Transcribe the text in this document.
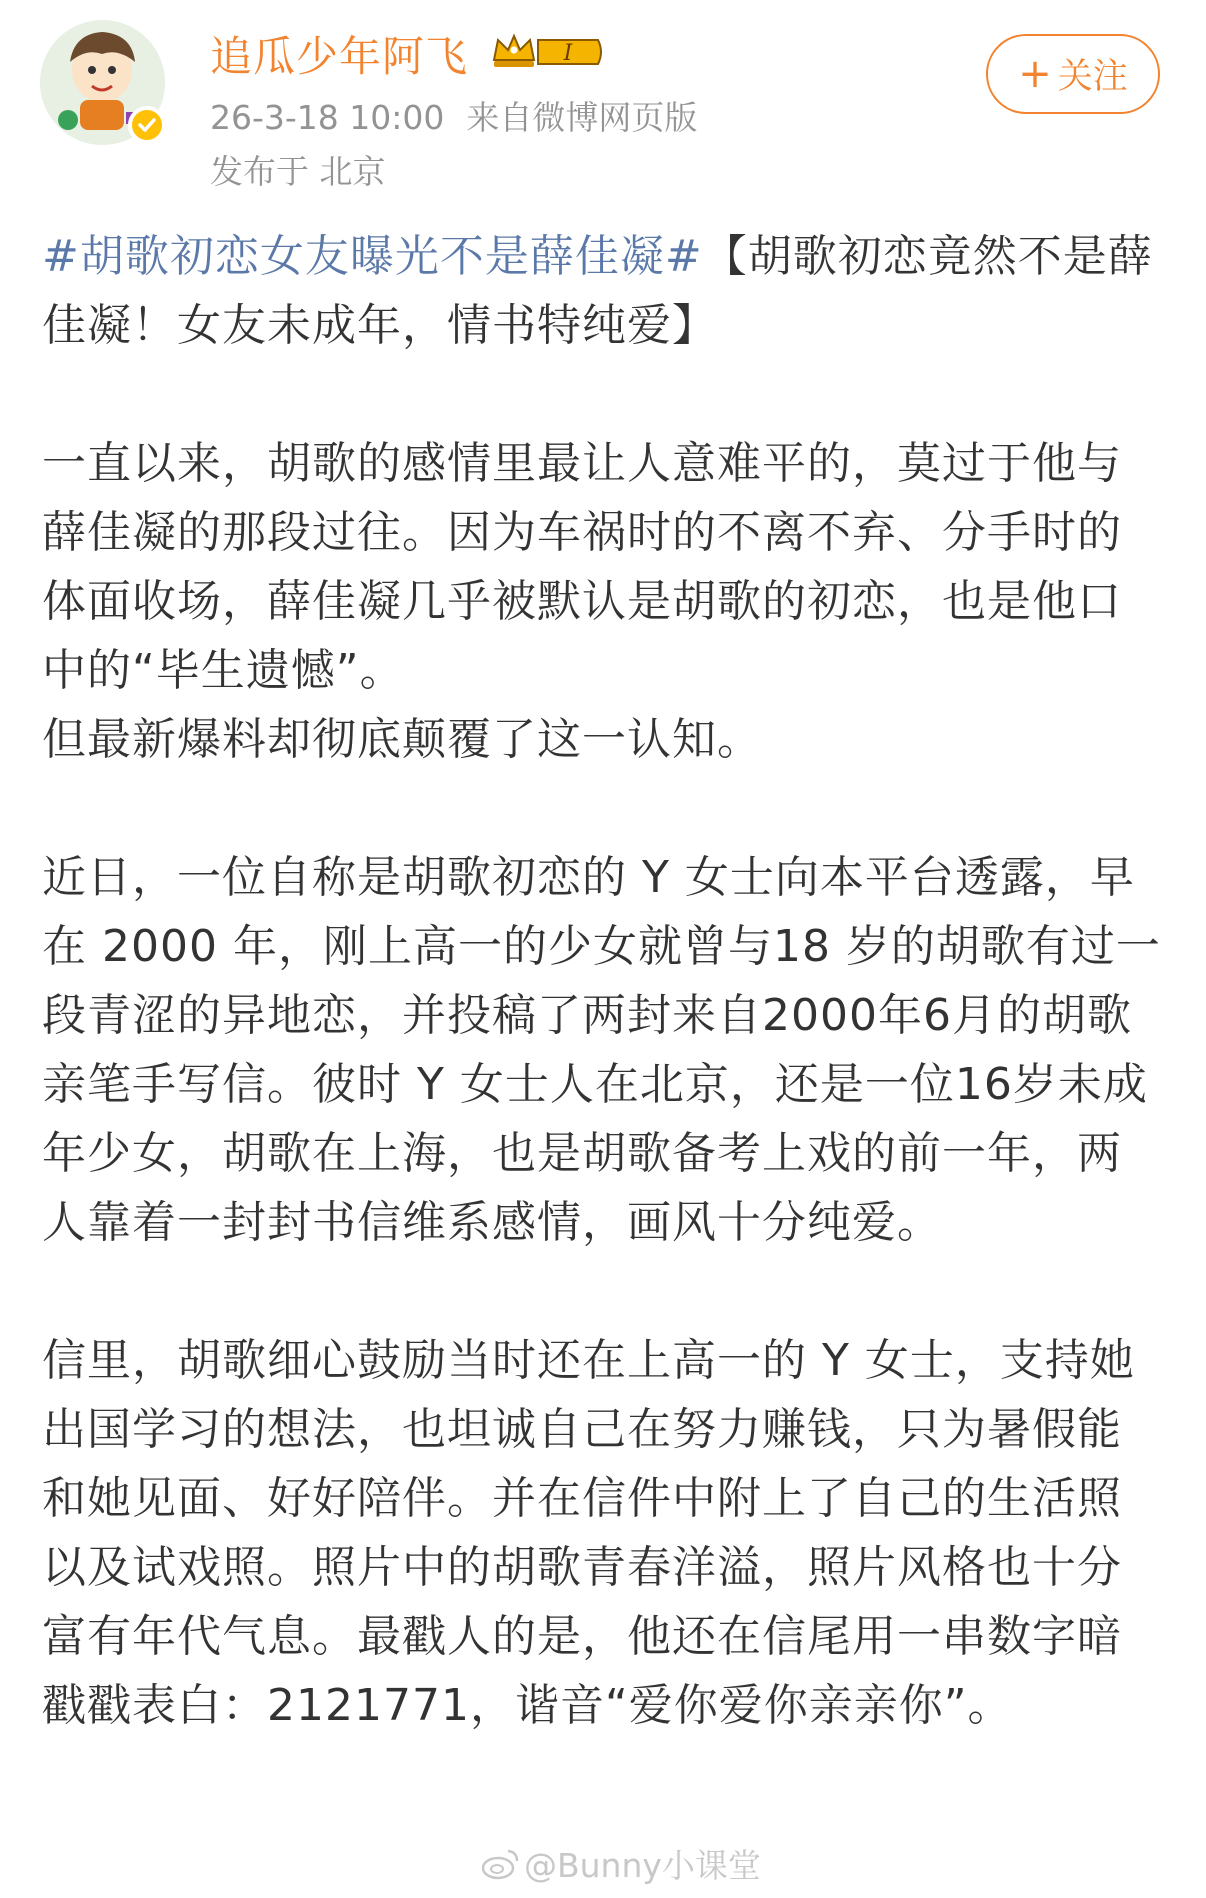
追瓜少年阿飞	I
26-3-18 10:00 来自微博网页版
发布于 北京
+ 关注

#胡歌初恋女友曝光不是薛佳凝#【胡歌初恋竟然不是薛佳凝！女友未成年，情书特纯爱】

一直以来，胡歌的感情里最让人意难平的，莫过于他与薛佳凝的那段过往。因为车祸时的不离不弃、分手时的体面收场，薛佳凝几乎被默认是胡歌的初恋，也是他口中的“毕生遗憾”。

但最新爆料却彻底颠覆了这一认知。

近日，一位自称是胡歌初恋的 Y 女士向本平台透露，早在 2000 年，刚上高一的少女就曾与18 岁的胡歌有过一段青涩的异地恋，并投稿了两封来自2000年6月的胡歌亲笔手写信。彼时 Y 女士人在北京，还是一位16岁未成年少女，胡歌在上海，也是胡歌备考上戏的前一年，两人靠着一封封书信维系感情，画风十分纯爱。

信里，胡歌细心鼓励当时还在上高一的 Y 女士，支持她出国学习的想法，也坦诚自己在努力赚钱，只为暑假能和她见面、好好陪伴。并在信件中附上了自己的生活照以及试戏照。照片中的胡歌青春洋溢，照片风格也十分富有年代气息。最戳人的是，他还在信尾用一串数字暗戳戳表白：2121771，谐音“爱你爱你亲亲你”。

@Bunny小课堂
